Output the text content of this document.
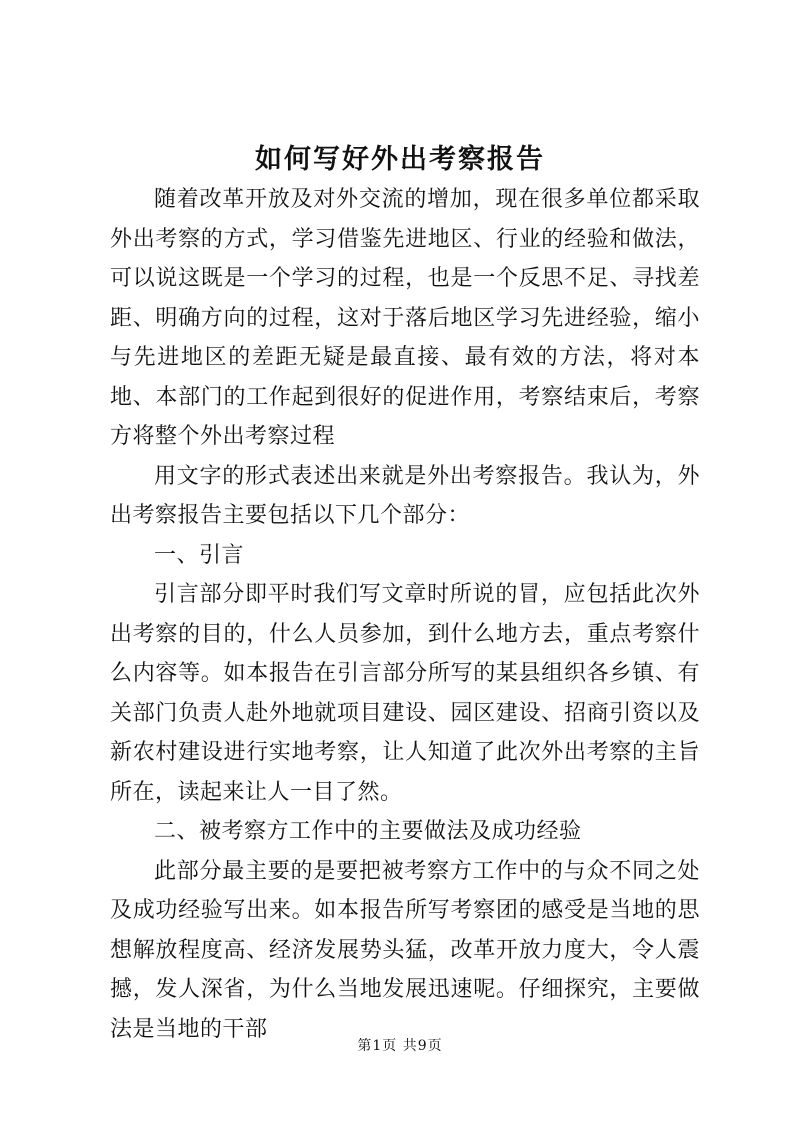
如何写好外出考察报告

随着改革开放及对外交流的增加，现在很多单位都采取外出考察的方式，学习借鉴先进地区、行业的经验和做法，可以说这既是一个学习的过程，也是一个反思不足、寻找差距、明确方向的过程，这对于落后地区学习先进经验，缩小与先进地区的差距无疑是最直接、最有效的方法，将对本地、本部门的工作起到很好的促进作用，考察结束后，考察方将整个外出考察过程

用文字的形式表述出来就是外出考察报告。我认为，外出考察报告主要包括以下几个部分：

一、引言

引言部分即平时我们写文章时所说的冒，应包括此次外出考察的目的，什么人员参加，到什么地方去，重点考察什么内容等。如本报告在引言部分所写的某县组织各乡镇、有关部门负责人赴外地就项目建设、园区建设、招商引资以及新农村建设进行实地考察，让人知道了此次外出考察的主旨所在，读起来让人一目了然。

二、被考察方工作中的主要做法及成功经验

此部分最主要的是要把被考察方工作中的与众不同之处及成功经验写出来。如本报告所写考察团的感受是当地的思想解放程度高、经济发展势头猛，改革开放力度大，令人震撼，发人深省，为什么当地发展迅速呢。仔细探究，主要做法是当地的干部

第1页 共9页
